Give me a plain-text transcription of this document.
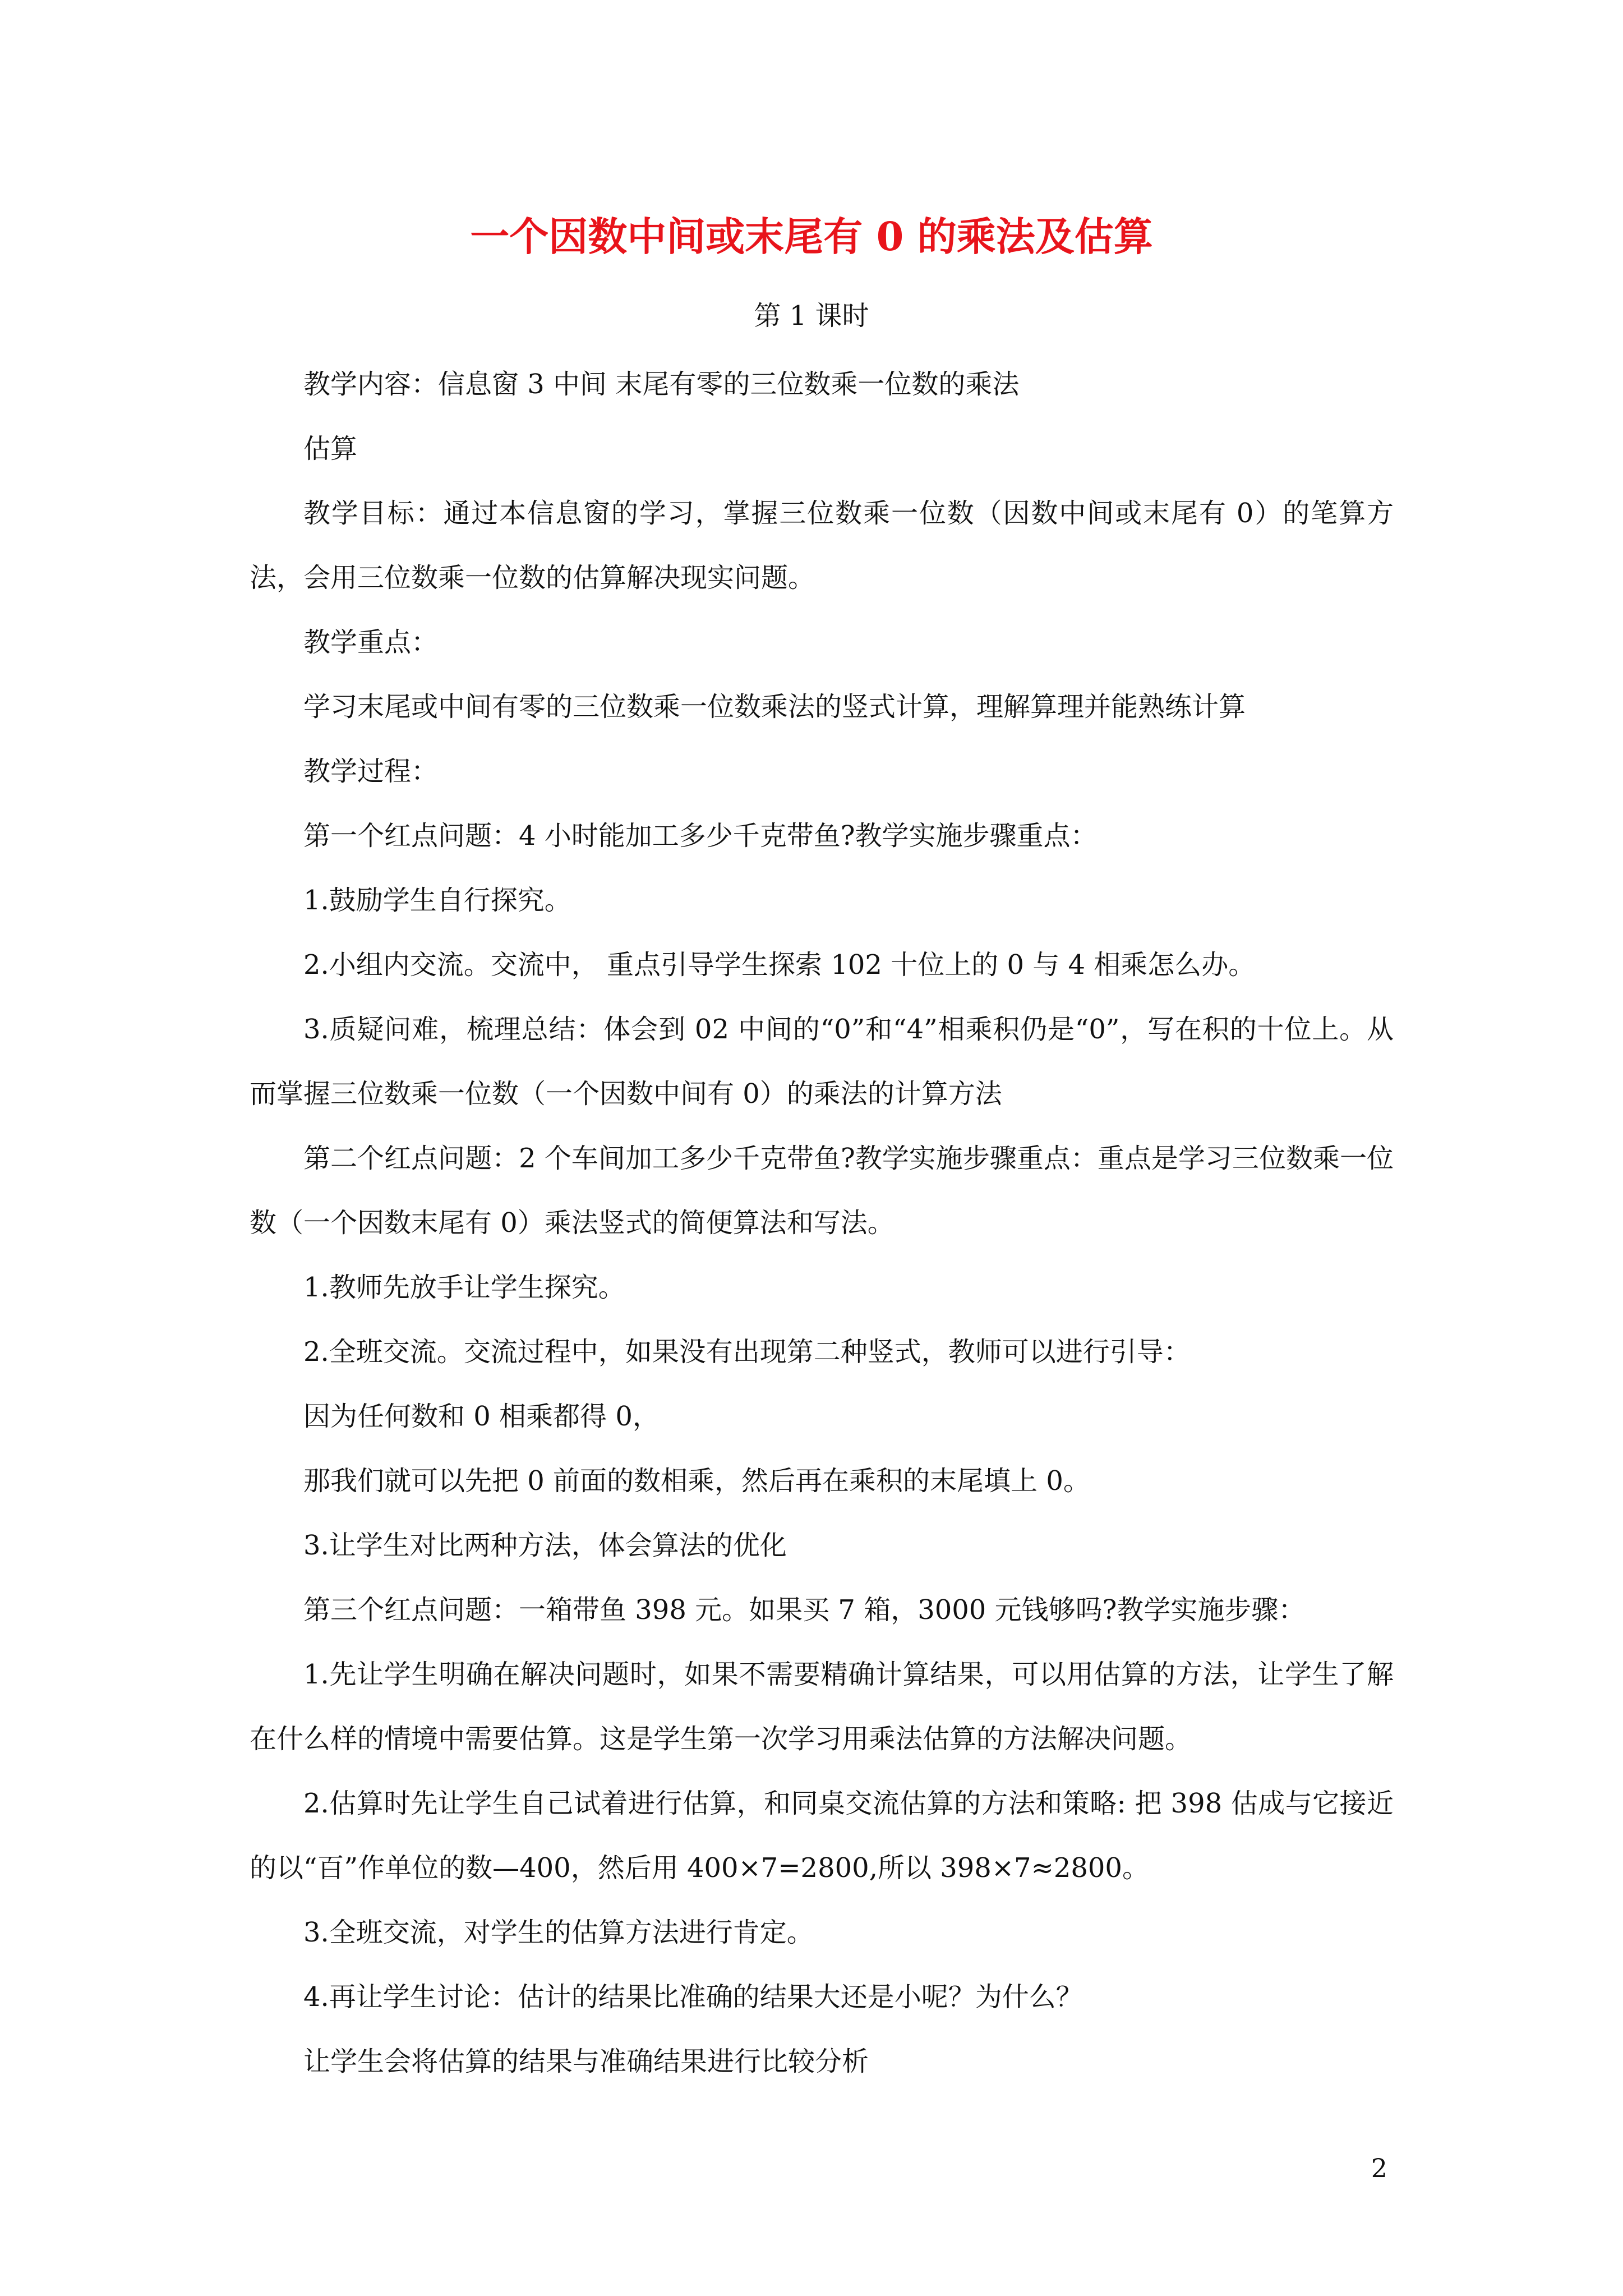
一个因数中间或末尾有 0 的乘法及估算
第 1 课时

教学内容：信息窗 3 中间 末尾有零的三位数乘一位数的乘法

估算

教学目标：通过本信息窗的学习，掌握三位数乘一位数（因数中间或末尾有 0）的笔算方法，会用三位数乘一位数的估算解决现实问题。

教学重点：

学习末尾或中间有零的三位数乘一位数乘法的竖式计算，理解算理并能熟练计算

教学过程：

第一个红点问题：4 小时能加工多少千克带鱼?教学实施步骤重点：

1.鼓励学生自行探究。

2.小组内交流。交流中， 重点引导学生探索 102 十位上的 0 与 4 相乘怎么办。

3.质疑问难，梳理总结：体会到 02 中间的“0”和“4”相乘积仍是“0”，写在积的十位上。从而掌握三位数乘一位数（一个因数中间有 0）的乘法的计算方法

第二个红点问题：2 个车间加工多少千克带鱼?教学实施步骤重点：重点是学习三位数乘一位数（一个因数末尾有 0）乘法竖式的简便算法和写法。

1.教师先放手让学生探究。

2.全班交流。交流过程中，如果没有出现第二种竖式，教师可以进行引导：

因为任何数和 0 相乘都得 0，

那我们就可以先把 0 前面的数相乘，然后再在乘积的末尾填上 0。

3.让学生对比两种方法，体会算法的优化

第三个红点问题：一箱带鱼 398 元。如果买 7 箱，3000 元钱够吗?教学实施步骤：

1.先让学生明确在解决问题时，如果不需要精确计算结果，可以用估算的方法，让学生了解在什么样的情境中需要估算。这是学生第一次学习用乘法估算的方法解决问题。

2.估算时先让学生自己试着进行估算，和同桌交流估算的方法和策略: 把 398 估成与它接近的以“百”作单位的数—400，然后用 400×7=2800,所以 398×7≈2800。

3.全班交流，对学生的估算方法进行肯定。

4.再让学生讨论：估计的结果比准确的结果大还是小呢？为什么？

让学生会将估算的结果与准确结果进行比较分析

2
